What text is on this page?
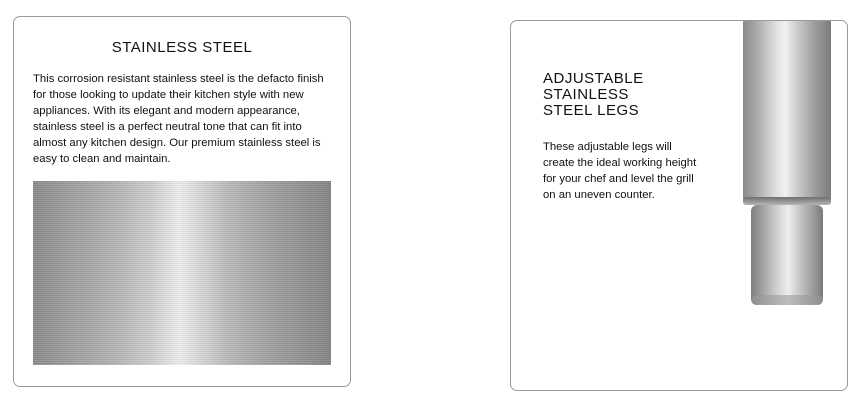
STAINLESS STEEL

This corrosion resistant stainless steel is the defacto finish for those looking to update their kitchen style with new appliances. With its elegant and modern appearance, stainless steel is a perfect neutral tone that can fit into almost any kitchen design. Our premium stainless steel is easy to clean and maintain.

ADJUSTABLE
STAINLESS
STEEL LEGS

These adjustable legs will create the ideal working height for your chef and level the grill on an uneven counter.
